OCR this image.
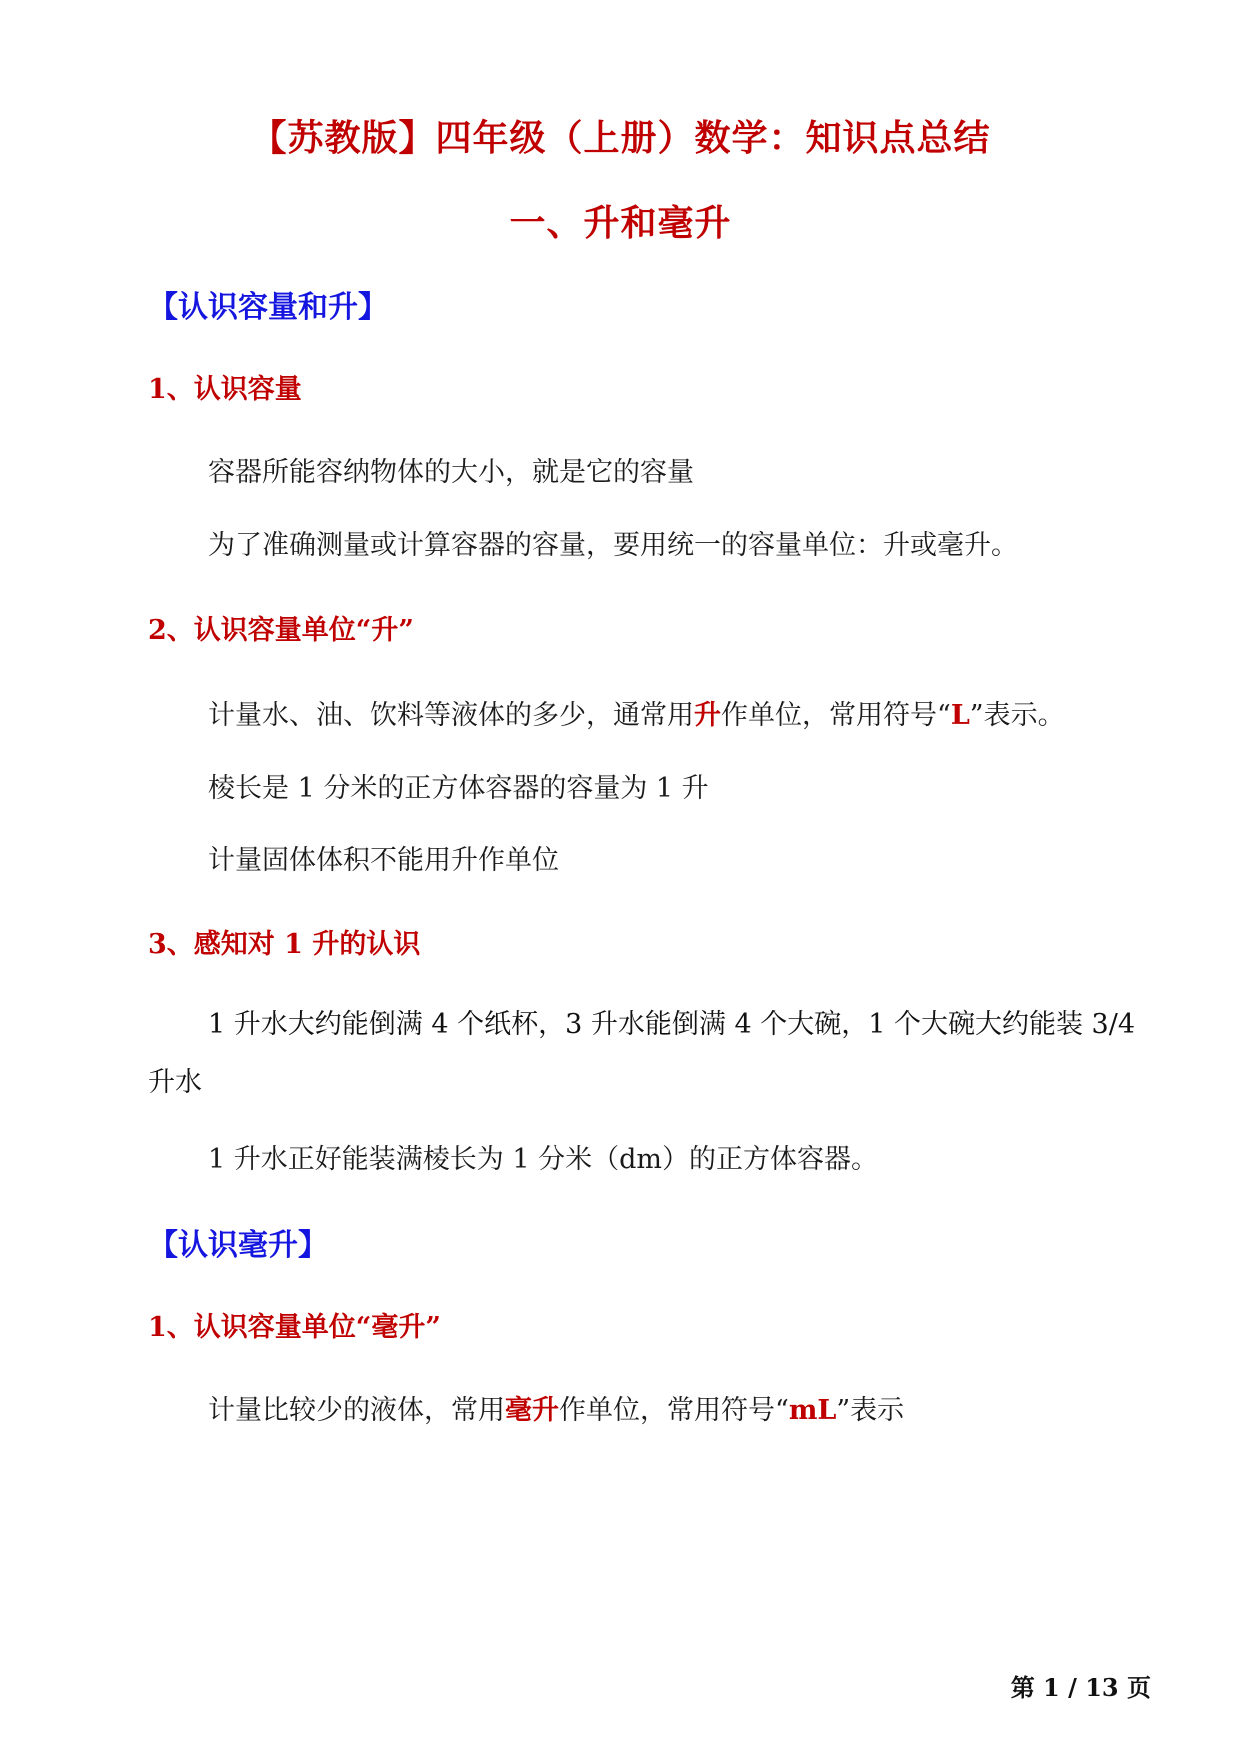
【苏教版】四年级（上册）数学：知识点总结
一、升和毫升
【认识容量和升】
1、认识容量
容器所能容纳物体的大小，就是它的容量
为了准确测量或计算容器的容量，要用统一的容量单位：升或毫升。
2、认识容量单位“升”
计量水、油、饮料等液体的多少，通常用升作单位，常用符号“L”表示。
棱长是 1 分米的正方体容器的容量为 1 升
计量固体体积不能用升作单位
3、感知对 1 升的认识
1 升水大约能倒满 4 个纸杯，3 升水能倒满 4 个大碗，1 个大碗大约能装 3/4 升水
1 升水正好能装满棱长为 1 分米（dm）的正方体容器。
【认识毫升】
1、认识容量单位“毫升”
计量比较少的液体，常用毫升作单位，常用符号“mL”表示
第 1 / 13 页
